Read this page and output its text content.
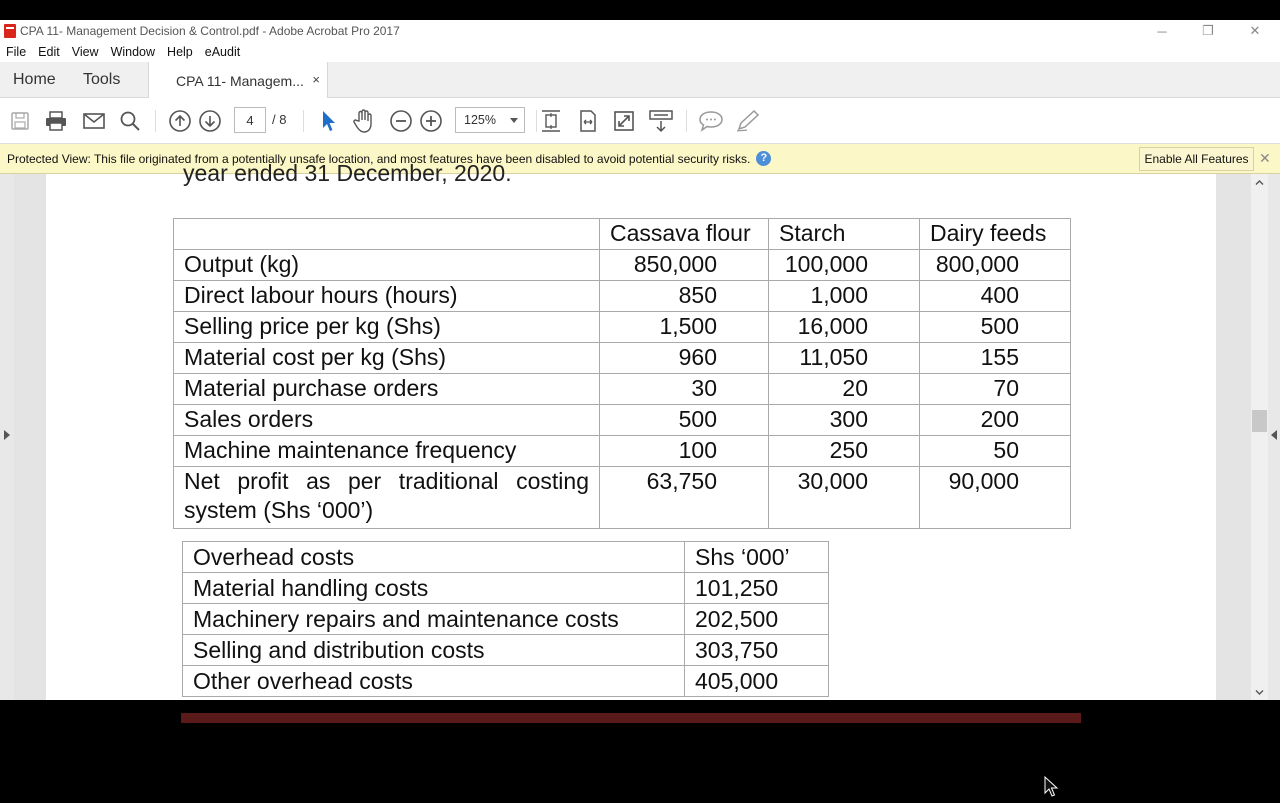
CPA 11- Management Decision & Control.pdf - Adobe Acrobat Pro 2017	─	❐	✕
File Edit View Window Help eAudit
Home Tools	CPA 11- Managem... ×
4	/ 8	125%
Protected View: This file originated from a potentially unsafe location, and most features have been disabled to avoid potential security risks. ?	Enable All Features ✕
year ended 31 December, 2020.
	Cassava flour	Starch	Dairy feeds
Output (kg)	850,000	100,000	800,000
Direct labour hours (hours)	850	1,000	400
Selling price per kg (Shs)	1,500	16,000	500
Material cost per kg (Shs)	960	11,050	155
Material purchase orders	30	20	70
Sales orders	500	300	200
Machine maintenance frequency	100	250	50
Net profit as per traditional costing system (Shs ‘000’)	63,750	30,000	90,000
Overhead costs	Shs ‘000’
Material handling costs	101,250
Machinery repairs and maintenance costs	202,500
Selling and distribution costs	303,750
Other overhead costs	405,000
